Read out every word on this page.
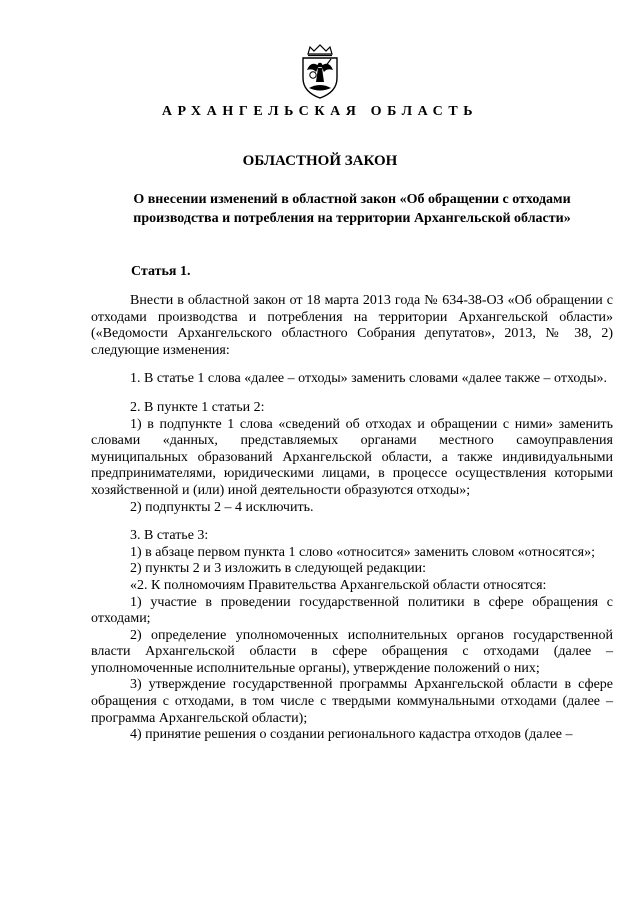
АРХАНГЕЛЬСКАЯ ОБЛАСТЬ
ОБЛАСТНОЙ ЗАКОН
О внесении изменений в областной закон «Об обращении с отходами производства и потребления на территории Архангельской области»
Статья 1.

Внести в областной закон от 18 марта 2013 года № 634-38-ОЗ «Об обращении с отходами производства и потребления на территории Архангельской области» («Ведомости Архангельского областного Собрания депутатов», 2013, № 38, 2) следующие изменения:

1. В статье 1 слова «далее – отходы» заменить словами «далее также – отходы».

2. В пункте 1 статьи 2:

1) в подпункте 1 слова «сведений об отходах и обращении с ними» заменить словами «данных, представляемых органами местного самоуправления муниципальных образований Архангельской области, а также индивидуальными предпринимателями, юридическими лицами, в процессе осуществления которыми хозяйственной и (или) иной деятельности образуются отходы»;

2) подпункты 2 – 4 исключить.

3. В статье 3:

1) в абзаце первом пункта 1 слово «относится» заменить словом «относятся»;

2) пункты 2 и 3 изложить в следующей редакции:

«2. К полномочиям Правительства Архангельской области относятся:

1) участие в проведении государственной политики в сфере обращения с отходами;

2) определение уполномоченных исполнительных органов государственной власти Архангельской области в сфере обращения с отходами (далее – уполномоченные исполнительные органы), утверждение положений о них;

3) утверждение государственной программы Архангельской области в сфере обращения с отходами, в том числе с твердыми коммунальными отходами (далее – программа Архангельской области);

4) принятие решения о создании регионального кадастра отходов (далее –
